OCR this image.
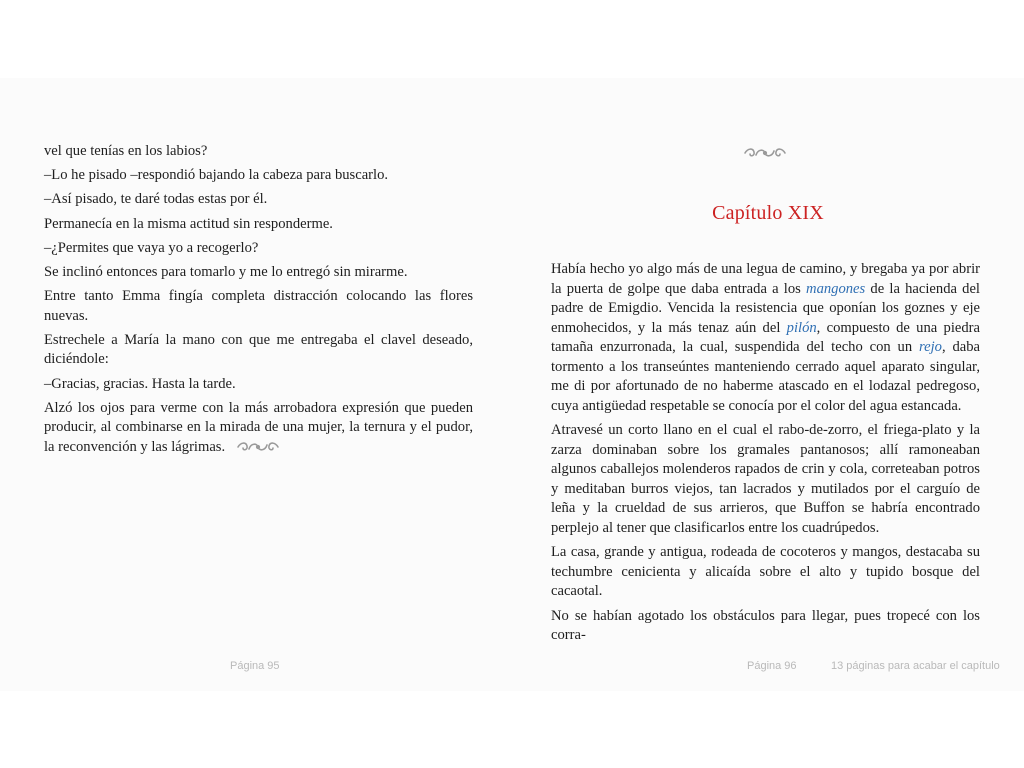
vel que tenías en los labios?

–Lo he pisado –respondió bajando la cabeza para buscarlo.

–Así pisado, te daré todas estas por él.

Permanecía en la misma actitud sin responderme.

–¿Permites que vaya yo a recogerlo?

Se inclinó entonces para tomarlo y me lo entregó sin mirarme.

Entre tanto Emma fingía completa distracción colocando las flores nuevas.

Estrechele a María la mano con que me entregaba el clavel deseado, diciéndole:

–Gracias, gracias. Hasta la tarde.

Alzó los ojos para verme con la más arrobadora expresión que pueden producir, al combinarse en la mirada de una mujer, la ternura y el pudor, la reconvención y las lágrimas.

Página 95
Capítulo XIX

Había hecho yo algo más de una legua de camino, y bregaba ya por abrir la puerta de golpe que daba entrada a los mangones de la hacienda del padre de Emigdio. Vencida la resistencia que oponían los goznes y eje enmohecidos, y la más tenaz aún del pilón, compuesto de una piedra tamaña enzurronada, la cual, suspendida del techo con un rejo, daba tormento a los transeúntes manteniendo cerrado aquel aparato singular, me di por afortunado de no haberme atascado en el lodazal pedregoso, cuya antigüedad respetable se conocía por el color del agua estancada.

Atravesé un corto llano en el cual el rabo-de-zorro, el friega-plato y la zarza dominaban sobre los gramales pantanosos; allí ramoneaban algunos caballejos molenderos rapados de crin y cola, correteaban potros y meditaban burros viejos, tan lacrados y mutilados por el carguío de leña y la crueldad de sus arrieros, que Buffon se habría encontrado perplejo al tener que clasificarlos entre los cuadrúpedos.

La casa, grande y antigua, rodeada de cocoteros y mangos, destacaba su techumbre cenicienta y alicaída sobre el alto y tupido bosque del cacaotal.

No se habían agotado los obstáculos para llegar, pues tropecé con los corra-

Página 96	13 páginas para acabar el capítulo
